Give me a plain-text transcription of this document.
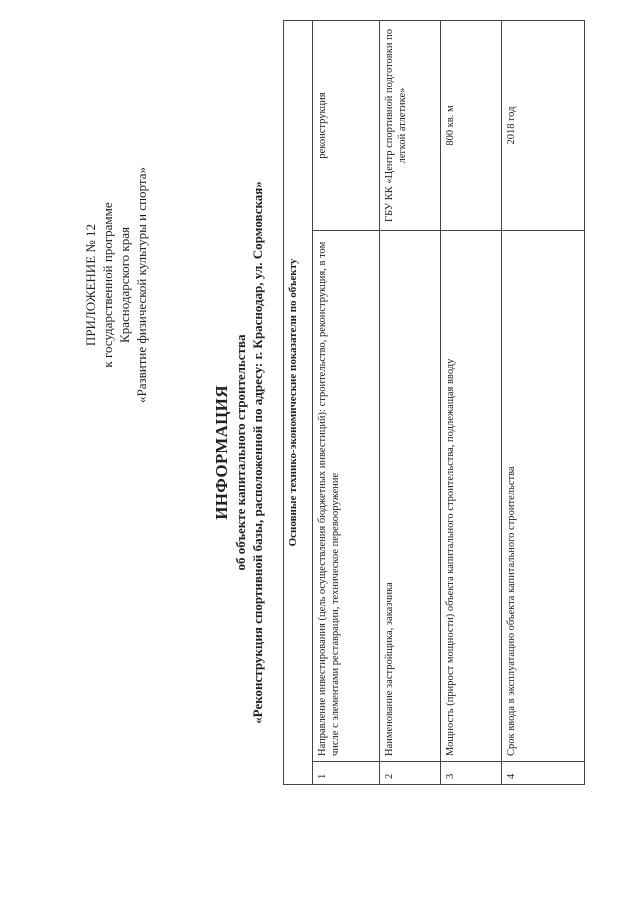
ПРИЛОЖЕНИЕ № 12 к государственной программе Краснодарского края «Развитие физической культуры и спорта»
ИНФОРМАЦИЯ об объекте капитального строительства «Реконструкция спортивной базы, расположенной по адресу: г. Краснодар, ул. Сормовская» Основные технико-экономические показатели по объекту		
1	Направление инвестирования (цель осуществления бюджетных инвестиций): строительство, реконструкция, в том числе с элементами реставрации, техническое перевооружение	реконструкция
2	Наименование застройщика, заказчика	ГБУ КК «Центр спортивной подготовки по легкой атлетике»
3	Мощность (прирост мощности) объекта капитального строительства, подлежащая вводу	800 кв. м
4	Срок ввода в эксплуатацию объекта капитального строительства	2018 год
